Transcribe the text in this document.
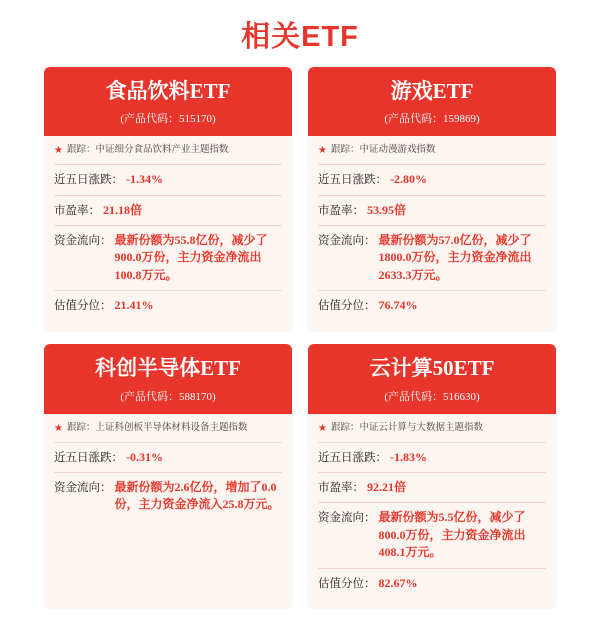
相关ETF
食品饮料ETF
(产品代码：515170)
★ 跟踪：中证细分食品饮料产业主题指数
近五日涨跌： -1.34%
市盈率： 21.18倍
资金流向： 最新份额为55.8亿份，减少了900.0万份，主力资金净流出100.8万元。
估值分位： 21.41%
游戏ETF
(产品代码：159869)
★ 跟踪：中证动漫游戏指数
近五日涨跌： -2.80%
市盈率： 53.95倍
资金流向： 最新份额为57.0亿份，减少了1800.0万份，主力资金净流出2633.3万元。
估值分位： 76.74%
科创半导体ETF
(产品代码：588170)
★ 跟踪：上证科创板半导体材料设备主题指数
近五日涨跌： -0.31%
资金流向： 最新份额为2.6亿份，增加了0.0份，主力资金净流入25.8万元。
云计算50ETF
(产品代码：516630)
★ 跟踪：中证云计算与大数据主题指数
近五日涨跌： -1.83%
市盈率： 92.21倍
资金流向： 最新份额为5.5亿份，减少了800.0万份，主力资金净流出408.1万元。
估值分位： 82.67%
